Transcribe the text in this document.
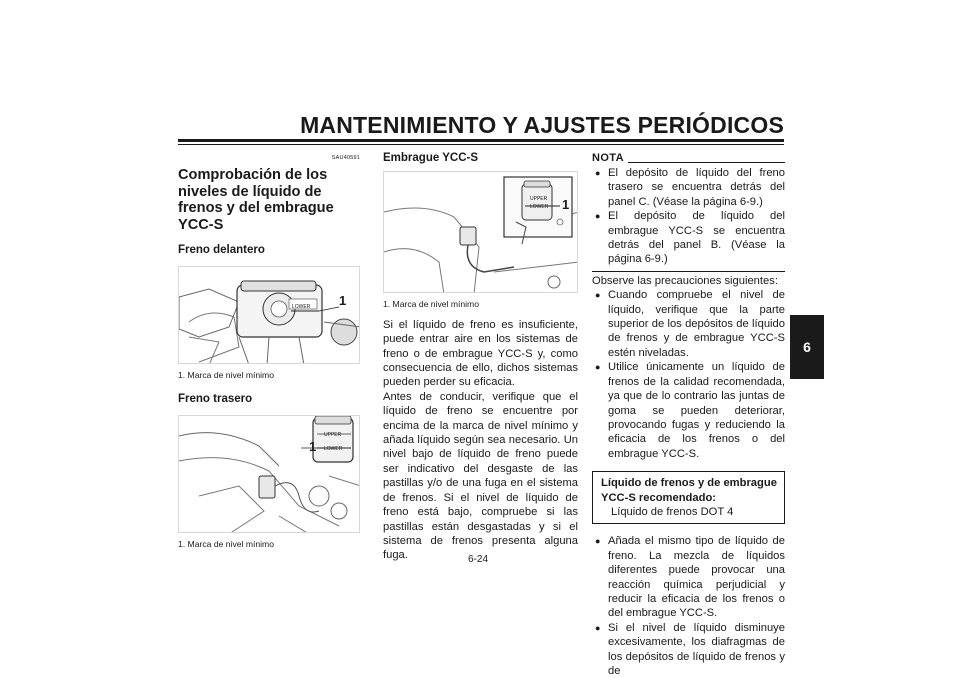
MANTENIMIENTO Y AJUSTES PERIÓDICOS
6
SAU40591
Comprobación de los niveles de líquido de frenos y del embrague YCC-S
Freno delantero
LOWER 1
1. Marca de nivel mínimo
Freno trasero
UPPER
LOWER
1
1. Marca de nivel mínimo
Embrague YCC-S
UPPER
LOWER 1
1. Marca de nivel mínimo
Si el líquido de freno es insuficiente, puede entrar aire en los sistemas de freno o de embrague YCC-S y, como consecuencia de ello, dichos sistemas pueden perder su eficacia.
Antes de conducir, verifique que el líquido de freno se encuentre por encima de la marca de nivel mínimo y añada líquido según sea necesario. Un nivel bajo de líquido de freno puede ser indicativo del desgaste de las pastillas y/o de una fuga en el sistema de frenos. Si el nivel de líquido de freno está bajo, compruebe si las pastillas están desgastadas y si el sistema de frenos presenta alguna fuga.
NOTA
● El depósito de líquido del freno trasero se encuentra detrás del panel C. (Véase la página 6-9.)
● El depósito de líquido del embrague YCC-S se encuentra detrás del panel B. (Véase la página 6-9.)
Observe las precauciones siguientes:
● Cuando compruebe el nivel de líquido, verifique que la parte superior de los depósitos de líquido de frenos y de embrague YCC-S estén niveladas.
● Utilice únicamente un líquido de frenos de la calidad recomendada, ya que de lo contrario las juntas de goma se pueden deteriorar, provocando fugas y reduciendo la eficacia de los frenos o del embrague YCC-S.
Líquido de frenos y de embrague YCC-S recomendado:
Líquido de frenos DOT 4
● Añada el mismo tipo de líquido de freno. La mezcla de líquidos diferentes puede provocar una reacción química perjudicial y reducir la eficacia de los frenos o del embrague YCC-S.
● Si el nivel de líquido disminuye excesivamente, los diafragmas de los depósitos de líquido de frenos y de
6-24
